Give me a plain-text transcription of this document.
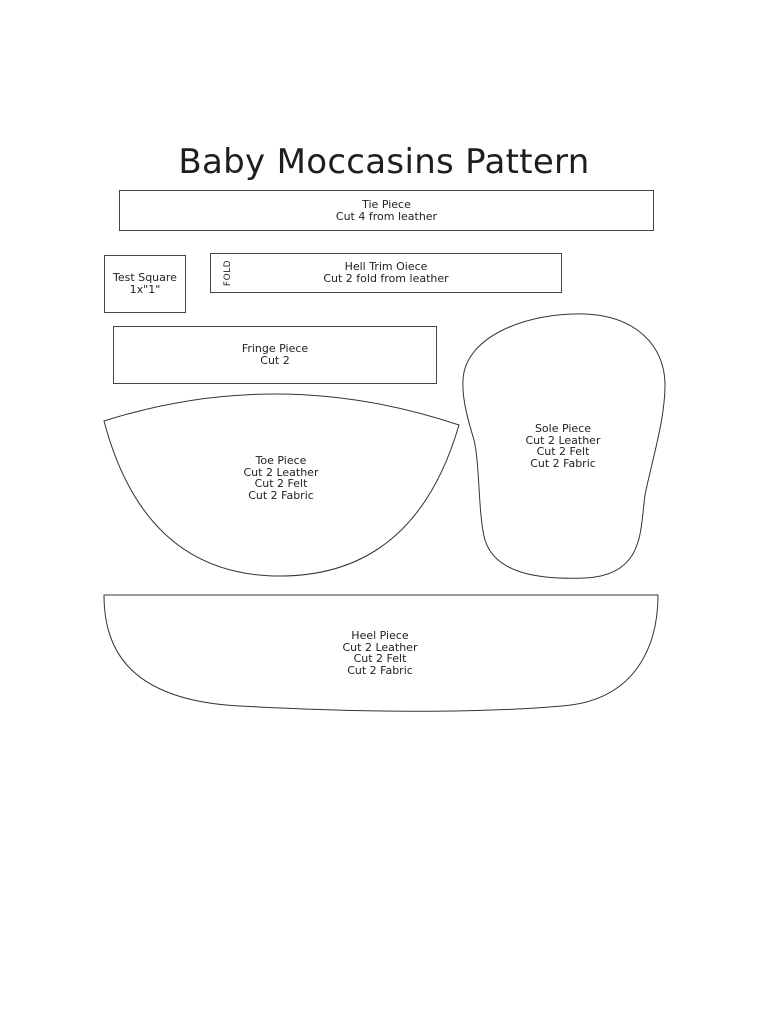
Baby Moccasins Pattern
Tie Piece
Cut 4 from leather
Test Square
1x"1"
FOLD	Hell Trim Oiece
Cut 2 fold from leather
Fringe Piece
Cut 2
Sole Piece
Cut 2 Leather
Cut 2 Felt
Cut 2 Fabric
Toe Piece
Cut 2 Leather
Cut 2 Felt
Cut 2 Fabric
Heel Piece
Cut 2 Leather
Cut 2 Felt
Cut 2 Fabric
